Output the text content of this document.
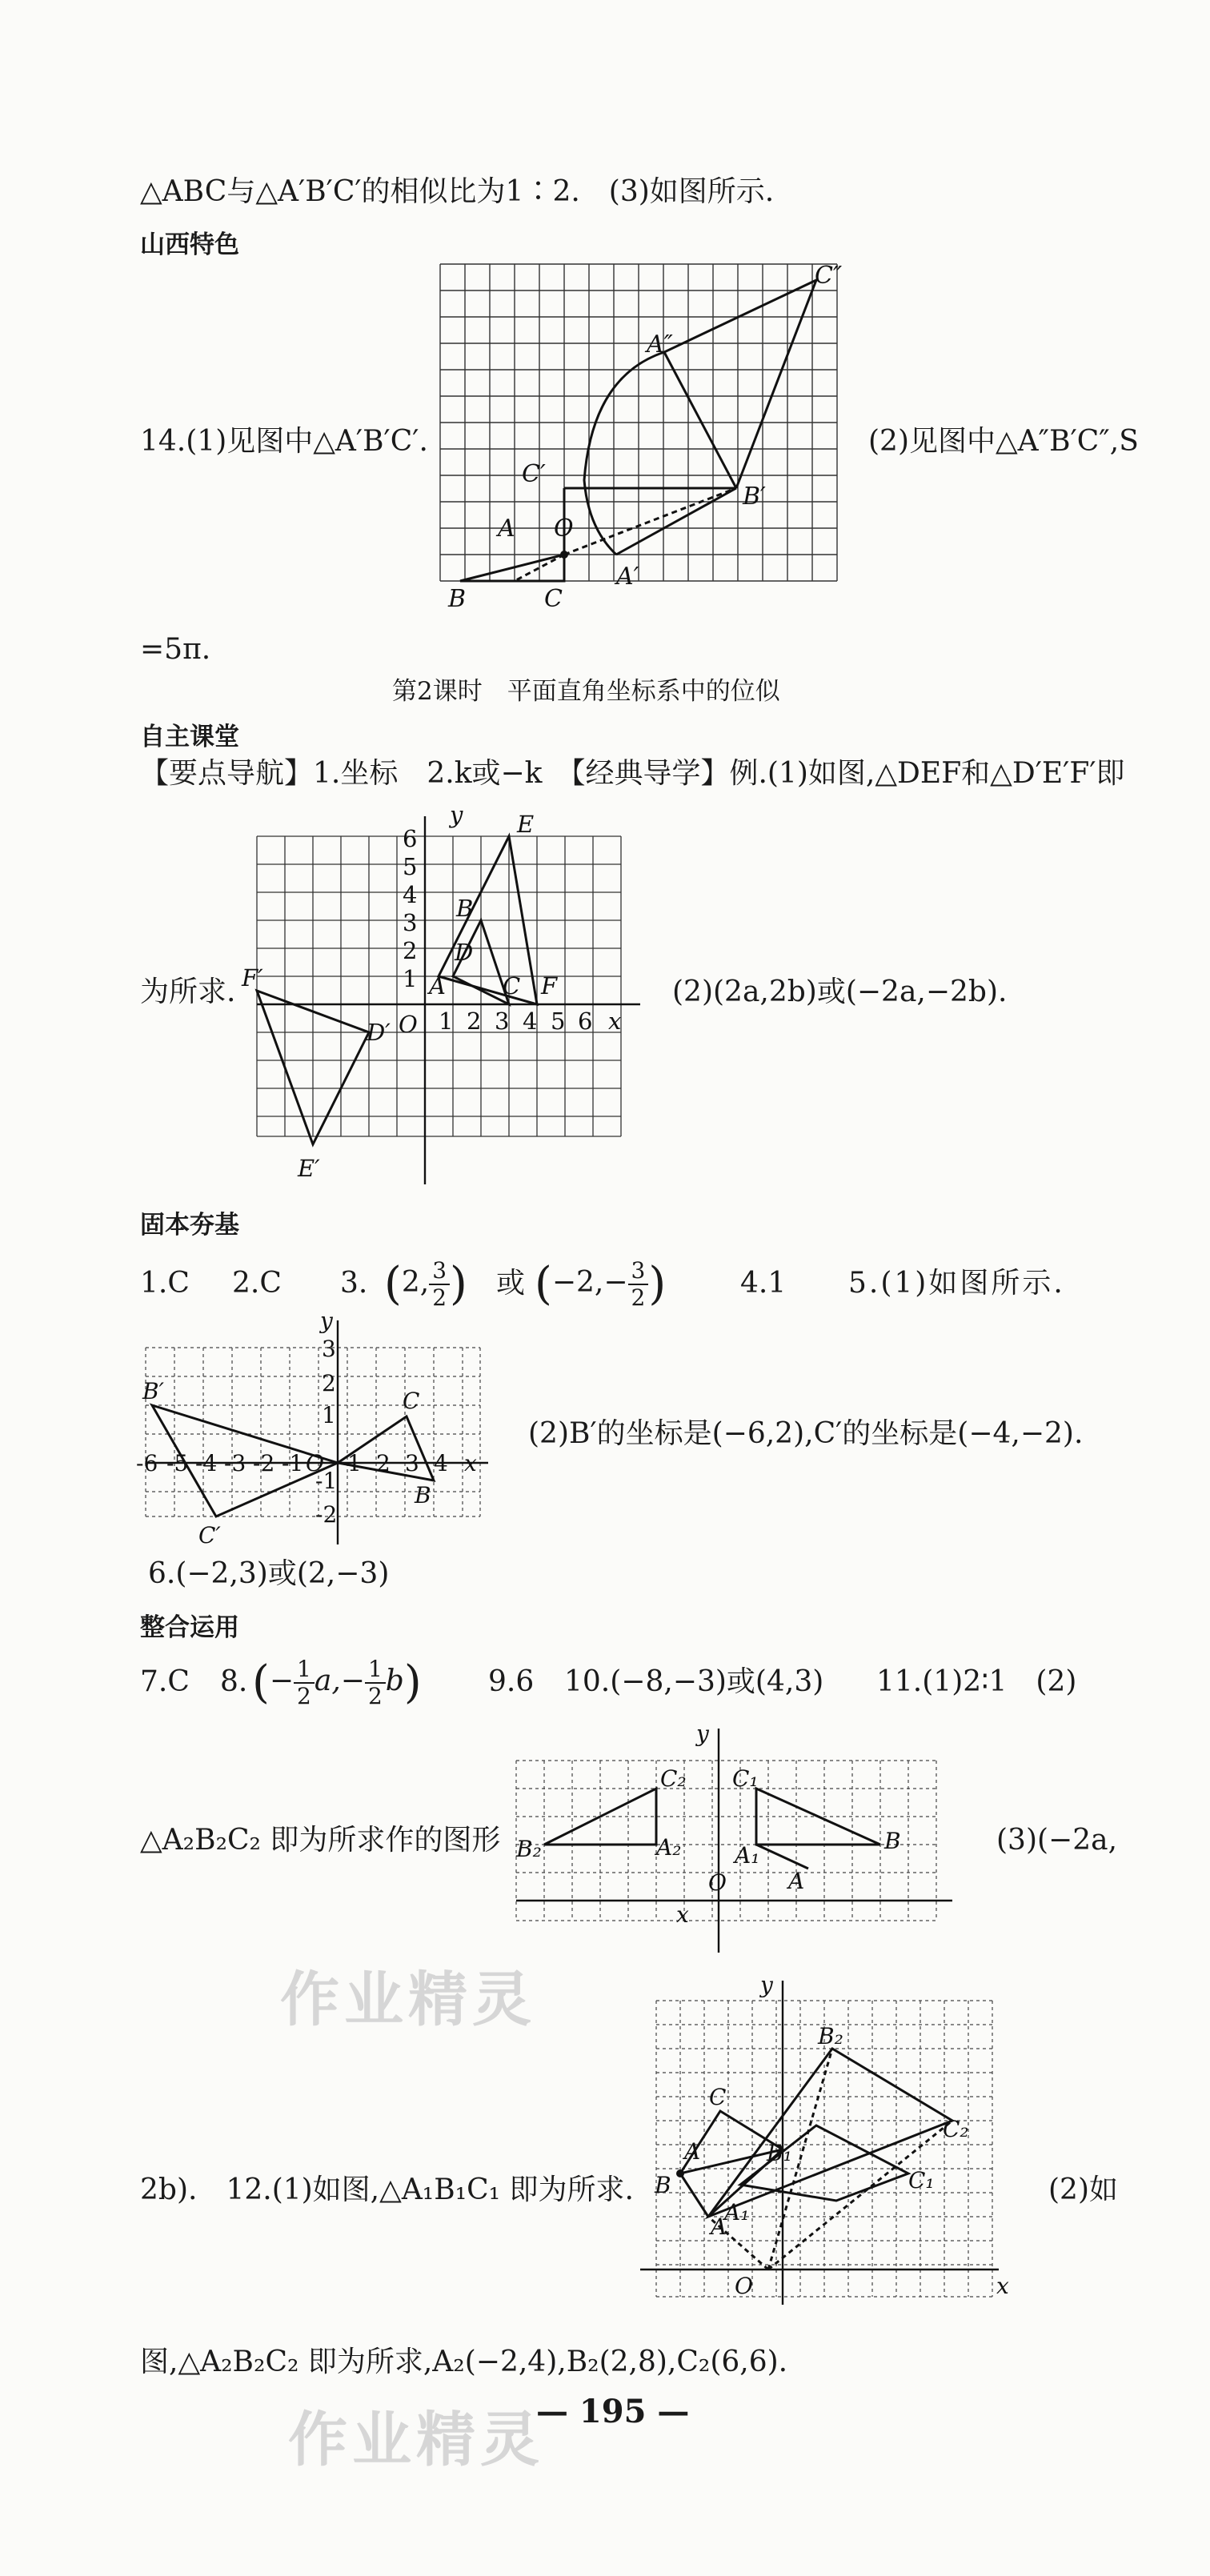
△ABC与△A′B′C′的相似比为1∶2.　(3)如图所示.
山西特色
C″
A″
C′
B′
A O
A′
B	C
14.(1)见图中△A′B′C′.	(2)见图中△A″B′C″,S
=5π.
第2课时　平面直角坐标系中的位似
自主课堂
【要点导航】1.坐标　2.k或−k　【经典导学】例.(1)如图,△DEF和△D′E′F′即
y
6
5
4
3
2
1
E
B
D
A C
F′	F
O 1 2 3 4 5 6 x
D′
E′
为所求.	(2)(2a,2b)或(−2a,−2b).
固本夯基
1.C 2.C 3. (2, $\frac{3}{2}$ ) 或 ($-2,- \frac{3}{2}$ )	4.1 5.(1)如图所示.
y
3
2
1
-1
-2
B′	C
C′
B
-6 -5 -4 -3 -2 -1 O 1 2 3 4 x
(2)B′的坐标是(−6,2),C′的坐标是(−4,−2).
6.(−2,3)或(2,−3)
整合运用
7.C 8. (− $\frac{1}{2} a,- \frac{1}{2} b$) 9.6 10.(−8,−3)或(4,3) 11.(1)2∶1　(2)
y
C₂ C₁
B₂	A₂ A₁
B
A
O
x
△A₂B₂C₂ 即为所求作的图形	(3)(−2a,
作业精灵	y
B₂
C
A
B
B₁
C₂
C₁
A₁
A
O	x
2b).　12.(1)如图,△A₁B₁C₁ 即为所求.	(2)如
图,△A₂B₂C₂ 即为所求,A₂(−2,4),B₂(2,8),C₂(6,6).
作业精灵
— 195 —
